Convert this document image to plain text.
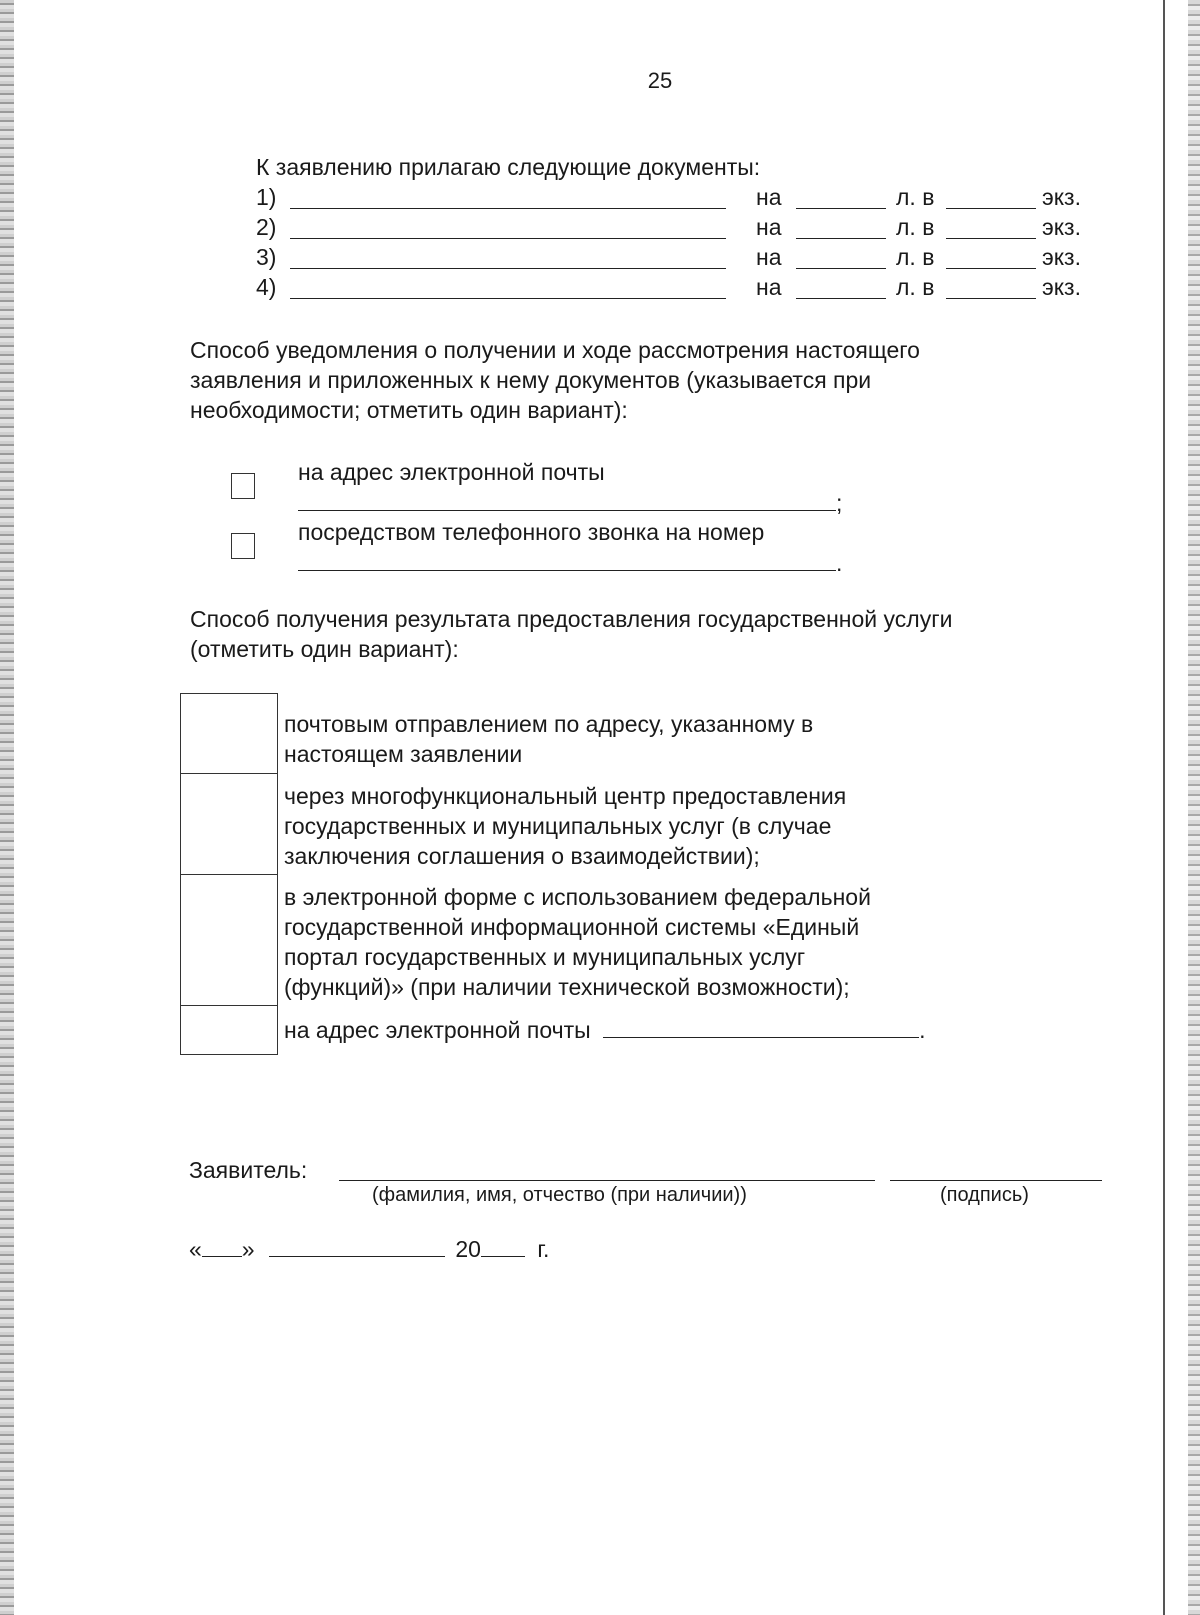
25
К заявлению прилагаю следующие документы:
1)	на	л. в	экз.
2)	на	л. в	экз.
3)	на	л. в	экз.
4)	на	л. в	экз.
Способ уведомления о получении и ходе рассмотрения настоящего
заявления и приложенных к нему документов (указывается при
необходимости; отметить один вариант):
на адрес электронной почты
;
посредством телефонного звонка на номер
.
Способ получения результата предоставления государственной услуги
(отметить один вариант):
почтовым отправлением по адресу, указанному в
настоящем заявлении
через многофункциональный центр предоставления
государственных и муниципальных услуг (в случае
заключения соглашения о взаимодействии);
в электронной форме с использованием федеральной
государственной информационной системы «Единый
портал государственных и муниципальных услуг
(функций)» (при наличии технической возможности);
на адрес электронной почты	.
Заявитель:
(фамилия, имя, отчество (при наличии))	(подпись)
« »	20 г.
